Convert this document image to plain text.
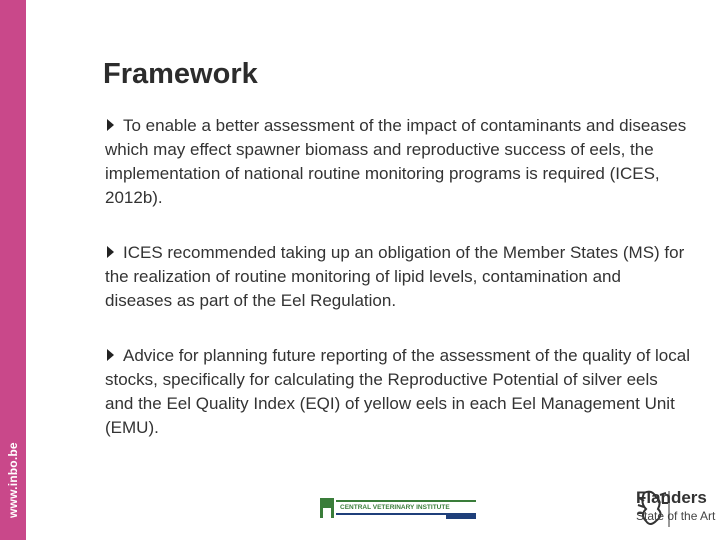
www.inbo.be
Framework

To enable a better assessment of the impact of contaminants and diseases which may effect spawner biomass and reproductive success of eels, the implementation of national routine monitoring programs is required (ICES, 2012b).

ICES recommended taking up an obligation of the Member States (MS) for the realization of routine monitoring of lipid levels, contamination and diseases as part of the Eel Regulation.

Advice for planning future reporting of the assessment of the quality of local stocks, specifically for calculating the Reproductive Potential of silver eels and the Eel Quality Index (EQI) of yellow eels in each Eel Management Unit (EMU).

CENTRAL VETERINARY INSTITUTE
Flanders
State of the Art
